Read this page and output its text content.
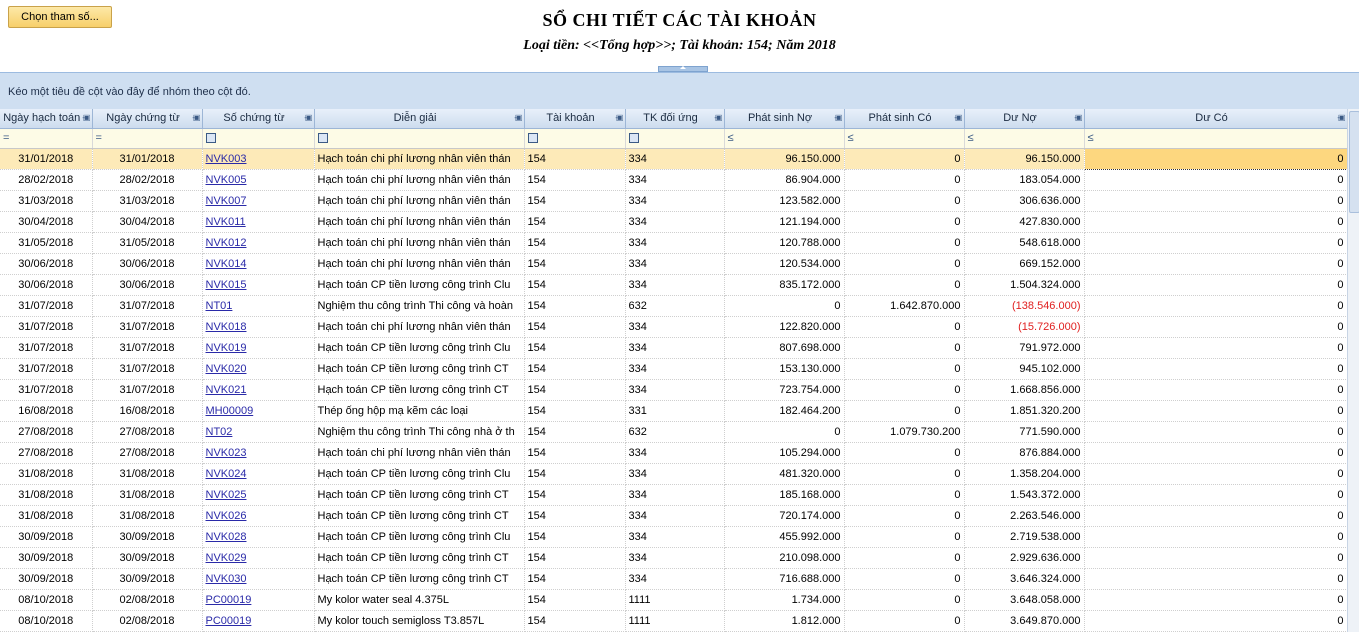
Chọn tham số...	SỔ CHI TIẾT CÁC TÀI KHOẢN
Loại tiền: <<Tổng hợp>>; Tài khoản: 154; Năm 2018
Kéo một tiêu đề cột vào đây để nhóm theo cột đó.
Ngày hạch toán -▣	Ngày chứng từ -▣	Số chứng từ -▣	Diễn giải -▣	Tài khoản -▣	TK đối ứng -▣	Phát sinh Nợ -▣	Phát sinh Có -▣	Dư Nợ -▣	Dư Có -▣

=	=					≤	≤	≤	≤
31/01/2018	31/01/2018	NVK003	Hạch toán chi phí lương nhân viên thán	154	334	96.150.000	0	96.150.000	0
28/02/2018	28/02/2018	NVK005	Hạch toán chi phí lương nhân viên thán	154	334	86.904.000	0	183.054.000	0
31/03/2018	31/03/2018	NVK007	Hạch toán chi phí lương nhân viên thán	154	334	123.582.000	0	306.636.000	0
30/04/2018	30/04/2018	NVK011	Hạch toán chi phí lương nhân viên thán	154	334	121.194.000	0	427.830.000	0
31/05/2018	31/05/2018	NVK012	Hạch toán chi phí lương nhân viên thán	154	334	120.788.000	0	548.618.000	0
30/06/2018	30/06/2018	NVK014	Hạch toán chi phí lương nhân viên thán	154	334	120.534.000	0	669.152.000	0
30/06/2018	30/06/2018	NVK015	Hạch toán CP tiền lương công trình Clu	154	334	835.172.000	0	1.504.324.000	0
31/07/2018	31/07/2018	NT01	Nghiệm thu công trình Thi công và hoàn	154	632	0	1.642.870.000	(138.546.000)	0
31/07/2018	31/07/2018	NVK018	Hạch toán chi phí lương nhân viên thán	154	334	122.820.000	0	(15.726.000)	0
31/07/2018	31/07/2018	NVK019	Hạch toán CP tiền lương công trình Clu	154	334	807.698.000	0	791.972.000	0
31/07/2018	31/07/2018	NVK020	Hạch toán CP tiền lương công trình CT	154	334	153.130.000	0	945.102.000	0
31/07/2018	31/07/2018	NVK021	Hạch toán CP tiền lương công trình CT	154	334	723.754.000	0	1.668.856.000	0
16/08/2018	16/08/2018	MH00009	Thép ống hộp mạ kẽm các loại	154	331	182.464.200	0	1.851.320.200	0
27/08/2018	27/08/2018	NT02	Nghiệm thu công trình Thi công nhà ở th	154	632	0	1.079.730.200	771.590.000	0
27/08/2018	27/08/2018	NVK023	Hạch toán chi phí lương nhân viên thán	154	334	105.294.000	0	876.884.000	0
31/08/2018	31/08/2018	NVK024	Hạch toán CP tiền lương công trình Clu	154	334	481.320.000	0	1.358.204.000	0
31/08/2018	31/08/2018	NVK025	Hạch toán CP tiền lương công trình CT	154	334	185.168.000	0	1.543.372.000	0
31/08/2018	31/08/2018	NVK026	Hạch toán CP tiền lương công trình CT	154	334	720.174.000	0	2.263.546.000	0
30/09/2018	30/09/2018	NVK028	Hạch toán CP tiền lương công trình Clu	154	334	455.992.000	0	2.719.538.000	0
30/09/2018	30/09/2018	NVK029	Hạch toán CP tiền lương công trình CT	154	334	210.098.000	0	2.929.636.000	0
30/09/2018	30/09/2018	NVK030	Hạch toán CP tiền lương công trình CT	154	334	716.688.000	0	3.646.324.000	0
08/10/2018	02/08/2018	PC00019	My kolor water seal 4.375L	154	1111	1.734.000	0	3.648.058.000	0
08/10/2018	02/08/2018	PC00019	My kolor touch semigloss T3.857L	154	1111	1.812.000	0	3.649.870.000	0
